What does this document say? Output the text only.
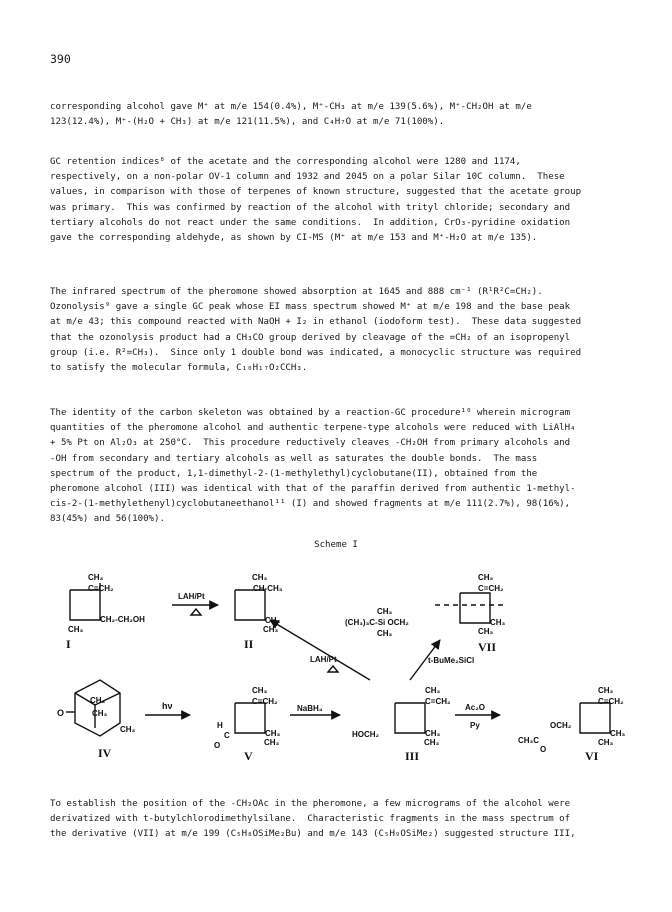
390
corresponding alcohol gave M⁺ at m/e 154(0.4%), M⁺-CH₃ at m/e 139(5.6%), M⁺-CH₂OH at m/e
123(12.4%), M⁺-(H₂O + CH₃) at m/e 121(11.5%), and C₄H₇O at m/e 71(100%).
GC retention indices⁸ of the acetate and the corresponding alcohol were 1280 and 1174,
respectively, on a non-polar OV-1 column and 1932 and 2045 on a polar Silar 10C column.  These
values, in comparison with those of terpenes of known structure, suggested that the acetate group
was primary.  This was confirmed by reaction of the alcohol with trityl chloride; secondary and
tertiary alcohols do not react under the same conditions.  In addition, CrO₃-pyridine oxidation
gave the corresponding aldehyde, as shown by CI-MS (M⁺ at m/e 153 and M⁺-H₂O at m/e 135).
The infrared spectrum of the pheromone showed absorption at 1645 and 888 cm⁻¹ (R¹R²C=CH₂).
Ozonolysis⁹ gave a single GC peak whose EI mass spectrum showed M⁺ at m/e 198 and the base peak
at m/e 43; this compound reacted with NaOH + I₂ in ethanol (iodoform test).  These data suggested
that the ozonolysis product had a CH₃CO group derived by cleavage of the =CH₂ of an isopropenyl
group (i.e. R²=CH₃).  Since only 1 double bond was indicated, a monocyclic structure was required
to satisfy the molecular formula, C₁₀H₁₇O₂CCH₃.
The identity of the carbon skeleton was obtained by a reaction-GC procedure¹⁰ wherein microgram
quantities of the pheromone alcohol and authentic terpene-type alcohols were reduced with LiAlH₄
+ 5% Pt on Al₂O₃ at 250°C.  This procedure reductively cleaves -CH₂OH from primary alcohols and
-OH from secondary and tertiary alcohols as well as saturates the double bonds.  The mass
spectrum of the product, 1,1-dimethyl-2-(1-methylethyl)cyclobutane(II), obtained from the
pheromone alcohol (III) was identical with that of the paraffin derived from authentic 1-methyl-
cis-2-(1-methylethenyl)cyclobutaneethanol¹¹ (I) and showed fragments at m/e 111(2.7%), 98(16%),
83(45%) and 56(100%).
Scheme I
CH₃
C=CH₂
CH₂-CH₂OH
CH₃
I
LAH/Pt
CH₃
CH-CH₃
CH₃
CH₃
II
CH₃
C=CH₂
CH₃
(CH₃)₃C-Si OCH₂
CH₃
CH₃
CH₃
VII
LAH/Pt	t-BuMe₂SiCl
CH₃
CH₃
CH₃
O
IV
hν
CH₃
C=CH₂
H
C
O
CH₃
CH₃
V
NaBH₄
CH₃
C=CH₂
HOCH₂	CH₃
CH₃
III
Ac₂O
Py
CH₃
C=CH₂
OCH₂
CH₃C
O
CH₃
CH₃
VI
To establish the position of the -CH₂OAc in the pheromone, a few micrograms of the alcohol were
derivatized with t-butylchlorodimethylsilane.  Characteristic fragments in the mass spectrum of
the derivative (VII) at m/e 199 (C₅H₈OSiMe₂Bu) and m/e 143 (C₅H₉OSiMe₂) suggested structure III,
